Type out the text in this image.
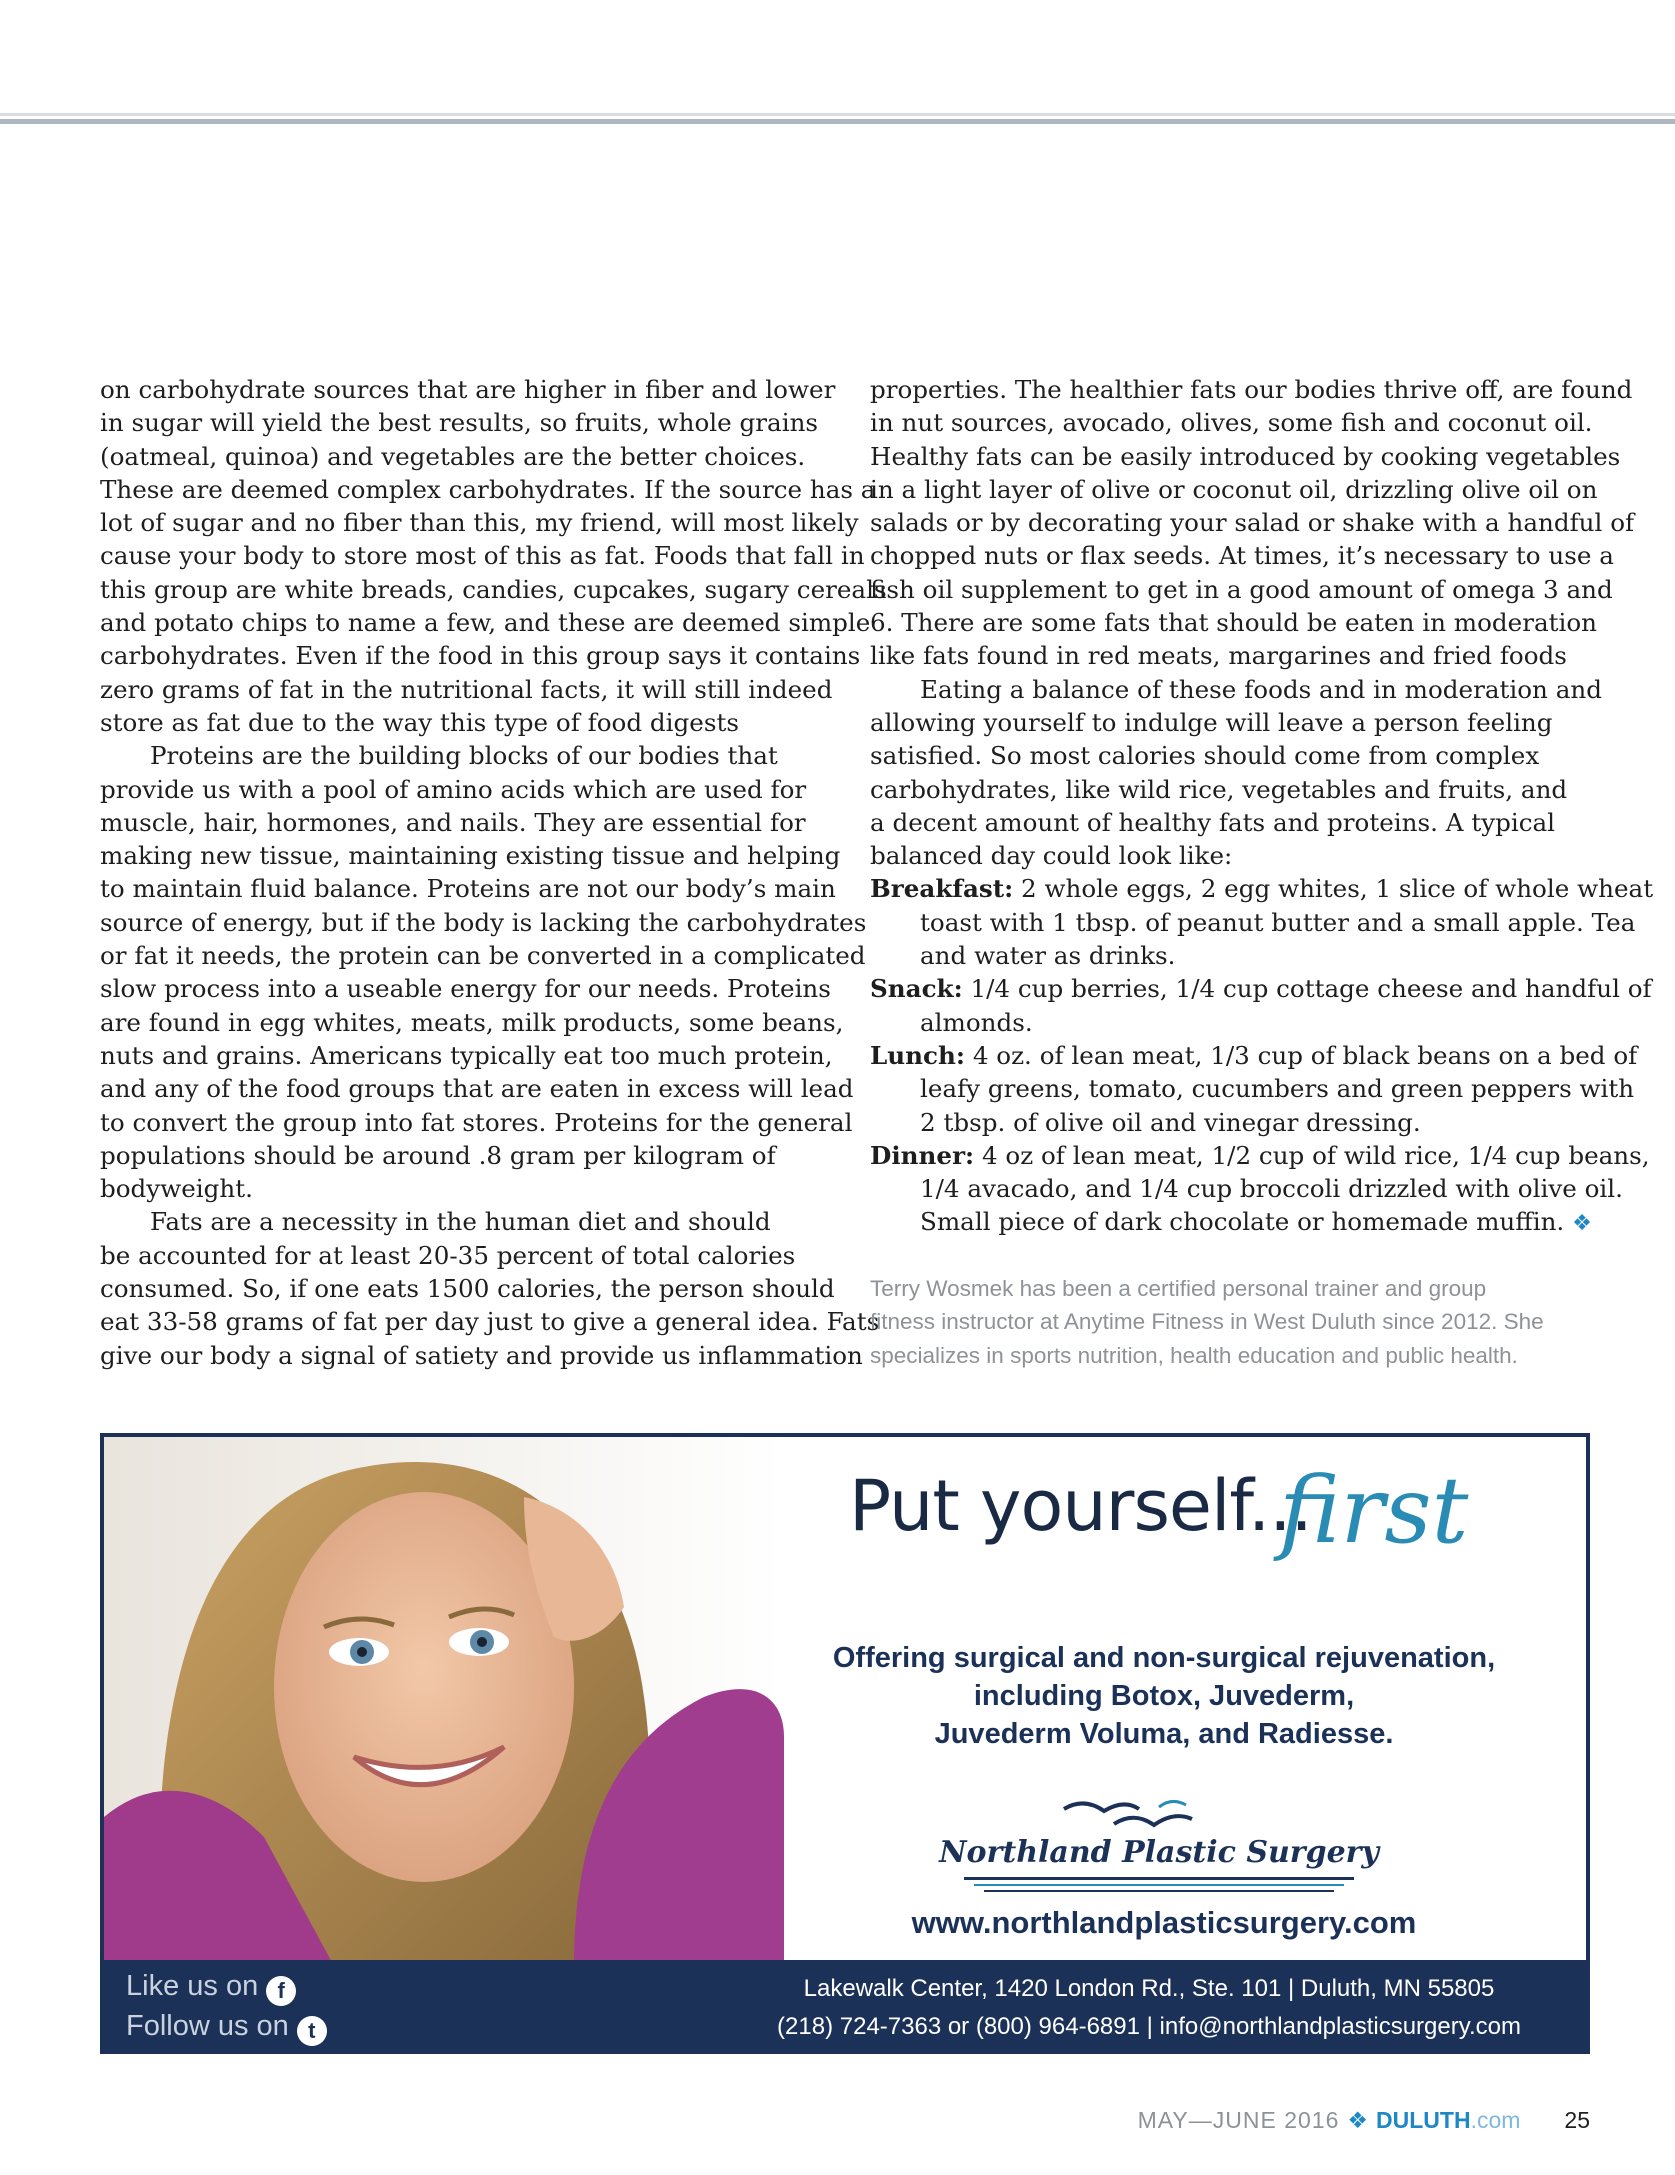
on carbohydrate sources that are higher in fiber and lower
in sugar will yield the best results, so fruits, whole grains
(oatmeal, quinoa) and vegetables are the better choices.
These are deemed complex carbohydrates. If the source has a
lot of sugar and no fiber than this, my friend, will most likely
cause your body to store most of this as fat. Foods that fall in
this group are white breads, candies, cupcakes, sugary cereals
and potato chips to name a few, and these are deemed simple
carbohydrates. Even if the food in this group says it contains
zero grams of fat in the nutritional facts, it will still indeed
store as fat due to the way this type of food digests

Proteins are the building blocks of our bodies that
provide us with a pool of amino acids which are used for
muscle, hair, hormones, and nails. They are essential for
making new tissue, maintaining existing tissue and helping
to maintain fluid balance. Proteins are not our body’s main
source of energy, but if the body is lacking the carbohydrates
or fat it needs, the protein can be converted in a complicated
slow process into a useable energy for our needs. Proteins
are found in egg whites, meats, milk products, some beans,
nuts and grains. Americans typically eat too much protein,
and any of the food groups that are eaten in excess will lead
to convert the group into fat stores. Proteins for the general
populations should be around .8 gram per kilogram of
bodyweight.

Fats are a necessity in the human diet and should
be accounted for at least 20-35 percent of total calories
consumed. So, if one eats 1500 calories, the person should
eat 33-58 grams of fat per day just to give a general idea. Fats
give our body a signal of satiety and provide us inflammation

properties. The healthier fats our bodies thrive off, are found
in nut sources, avocado, olives, some fish and coconut oil.
Healthy fats can be easily introduced by cooking vegetables
in a light layer of olive or coconut oil, drizzling olive oil on
salads or by decorating your salad or shake with a handful of
chopped nuts or flax seeds. At times, it’s necessary to use a
fish oil supplement to get in a good amount of omega 3 and
6. There are some fats that should be eaten in moderation
like fats found in red meats, margarines and fried foods

Eating a balance of these foods and in moderation and
allowing yourself to indulge will leave a person feeling
satisfied. So most calories should come from complex
carbohydrates, like wild rice, vegetables and fruits, and
a decent amount of healthy fats and proteins. A typical
balanced day could look like:

Breakfast: 2 whole eggs, 2 egg whites, 1 slice of whole wheat
toast with 1 tbsp. of peanut butter and a small apple. Tea
and water as drinks.
Snack: 1/4 cup berries, 1/4 cup cottage cheese and handful of
almonds.
Lunch: 4 oz. of lean meat, 1/3 cup of black beans on a bed of
leafy greens, tomato, cucumbers and green peppers with
2 tbsp. of olive oil and vinegar dressing.
Dinner: 4 oz of lean meat, 1/2 cup of wild rice, 1/4 cup beans,
1/4 avacado, and 1/4 cup broccoli drizzled with olive oil.
Small piece of dark chocolate or homemade muffin. ❖
Terry Wosmek has been a certified personal trainer and group
fitness instructor at Anytime Fitness in West Duluth since 2012. She
specializes in sports nutrition, health education and public health.
Put yourself...
first
Offering surgical and non-surgical rejuvenation,
including Botox, Juvederm,
Juvederm Voluma, and Radiesse.
Northland Plastic Surgery
www.northlandplasticsurgery.com
Like us on f
Follow us on t
Lakewalk Center, 1420 London Rd., Ste. 101 | Duluth, MN 55805
(218) 724-7363 or (800) 964-6891 | info@northlandplasticsurgery.com
MAY—JUNE 2016 ❖ DULUTH.com 25
